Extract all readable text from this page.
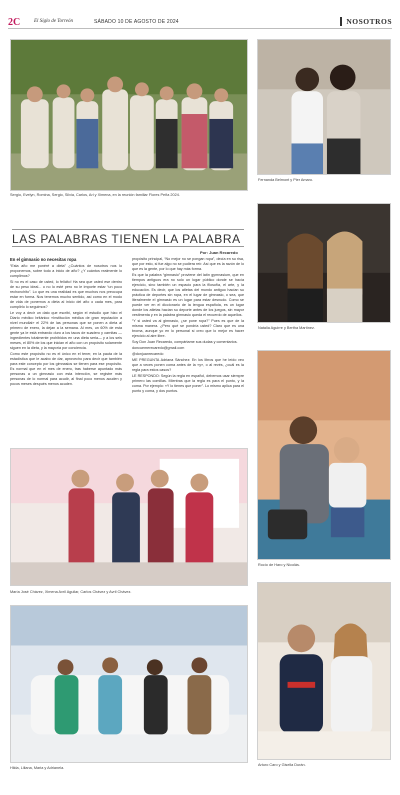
2C	El Siglo de Torreón	SÁBADO 10 DE AGOSTO DE 2024	NOSOTROS
Sergio, Evelyn, Romina, Sergio, Silvia, Carlos, Ari y Ximena, en la reunión familiar Flores Peña 2024.
Fernanda Belmont y Pier Amaro.
LAS PALABRAS TIENEN LA PALABRA
Por: Juan Recaredo
En el gimnasio no necesitas ropa

“Esta año me ponéré a dieta” ¿Cuántos de nosotros nos lo proponemos, sobre todo a inicio de año? ¿Y cuántos realmente lo cumplimos?

Si no es el caso de usted, lo felicito! Ha sea que usted ese dentro de su peso ideal... o no lo esté pero no le importe estar “un poco rechonchito”. Lo que es una realidad es que muchos nos preocupa estar en forma. Nos tenemos mucho sentido, así como en el modo de vida de ponernos a dieta al inicio del año o cada mes, para cumplirlo lo seguimos?

Le voy a decir un dato que escribí, según el estudio que hizo el Diario médico británico «Institución médica de gran reputación a nivel mundial» el 22% de las personas que se ponen a dieta al primero de enero, la dejan a la semana. Al mes, un 60% de esta gente ya le está entrando duro a los tacos de suadero y carnitas —ingredientes totalmente prohibidos en una dieta seria— y a los seis meses, el 80% de los que inician el año con un propósito solamente siguen en la dieta, y la mayoría por conciencia.

Como este propósito no es el único en el tener, en la pauta de la estadística que le acabo de dar, aprovecho para decir que también para este concepto por los gimnasios se tienen para ese propósito. Es normal que en el mes de enero, tras haberse apuntado más personas a un gimnasio con esta intención, se registre más personas de lo normal para acudir, al final poco menos acuden y pocos meses después menos acuden.

propósito principal, “No mejor no se pongan ropa”, decía en su risa, que por esto, si fue algo no se pudiera reír. Así que es la razón de lo que es la gente, por lo que hay más forma.

Es que la palabra “gimnasio” proviene del latín gymnasium, que en tiempos antiguos era no solo un lugar público donde se hacía ejercicio, sino también un espacio para la filosofía, el arte, y la educación. Es decir, que los atletas del mundo antiguo hacían su práctica de deportes sin ropa, en el lugar de gimnasio, o sea, que literalmente el gimnasio es un lugar para estar desnudo. Como se puede ver en el diccionario de la lengua española, es un lugar donde los atletas hacían su deporte antes de los juegos, sin mayor vestimenta y en la palabra gimnasio queda el recuerdo de aquellos.

“Y si usted va al gimnasio, ¿se pone ropa?” Pues es que de la misma manera. ¿Pero qué se pondría usted? Claro que es una broma, aunque yo en lo personal sí creo que lo mejor es hacer ejercicio al aire libre.

Soy Don Juan Recaredo, compártame sus dudas y comentarios.

doncuemerecaredo@gmail.com

@donjuanrecaredo

ME PREGUNTA Adriana Sánchez: En los libros que he leído veo que a veces ponen coma antes de la «y», o al revés, ¿cuál es la regla para estos casos?

LE RESPONDO: Según la regla en español, debemos usar siempre primero las comillas. Mientras que la regla es para el punto, y la coma. Por ejemplo: «Y lo tienes que poner”. Lo mismo aplica para el punto y coma, y dos puntos.

Natalia Aguirre y Bertha Martínez.
Rocío de Haro y Nicolás.
María José Chávez, Ximena Avril Aguilar, Carlos Chávez y Avril Chávez.
Hilda, Liliana, Maria y Adrianela.
Arturo Caro y Gisella Durán.
